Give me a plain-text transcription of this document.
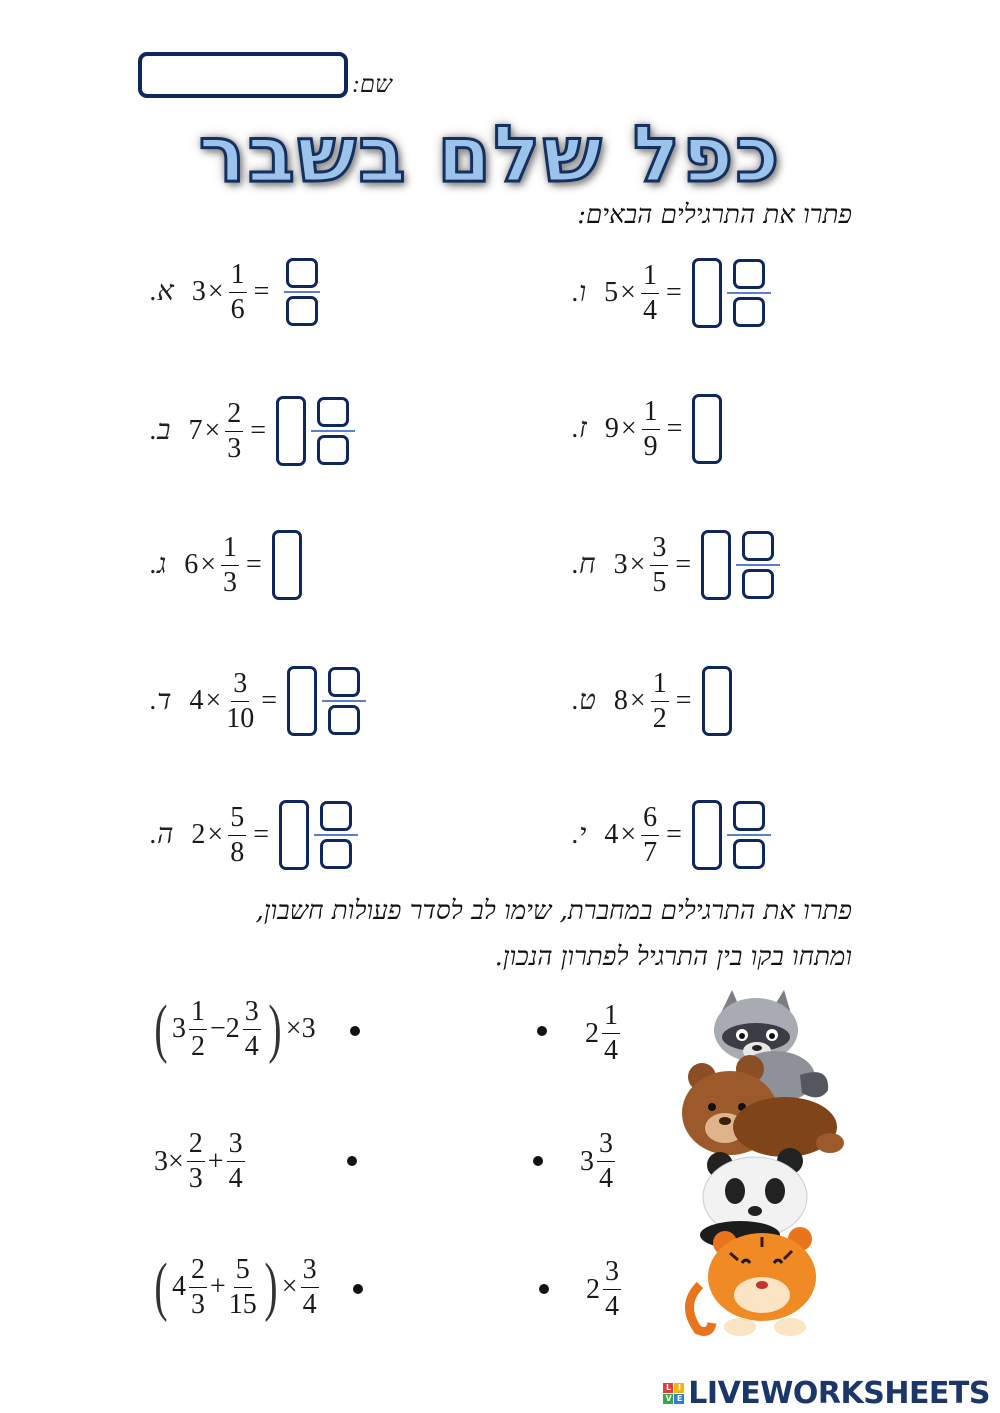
שם:
כפל שלם בשבר
פתרו את התרגילים הבאים:
.א $3 \times \frac{1}{6}$ =
.ב $7 \times \frac{2}{3}$ =
.ג $6 \times \frac{1}{3}$ =
.ד $4 \times \frac{3}{10}$ =
.ה $2 \times \frac{5}{8}$ =
.ו $5 \times \frac{1}{4}$ =
.ז $9 \times \frac{1}{9}$ =
.ח $3 \times \frac{3}{5}$ =
.ט $8 \times \frac{1}{2}$ =
.י $4 \times \frac{6}{7}$ =
פתרו את התרגילים במחברת, שימו לב לסדר פעולות חשבון,
ומתחו בקו בין התרגיל לפתרון הנכון.
( $3 \frac{1}{2} - 2 \frac{3}{4}$ ) × 3	$2 \frac{1}{4}$
$3 \times \frac{2}{3} + \frac{3}{4}$	$3 \frac{3}{4}$
( $4 \frac{2}{3} + \frac{5}{15}$ ) × $\frac{3}{4}$	$2 \frac{3}{4}$
L I
V E LIVEWORKSHEETS
